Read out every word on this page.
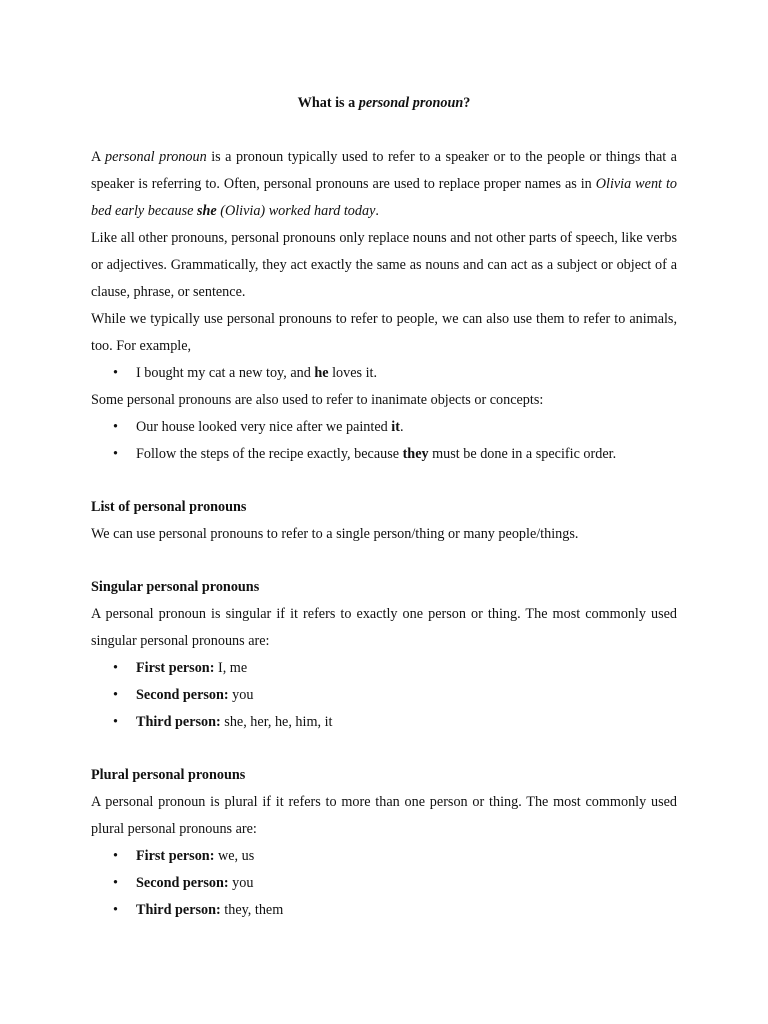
What is a personal pronoun?

A personal pronoun is a pronoun typically used to refer to a speaker or to the people or things that a speaker is referring to. Often, personal pronouns are used to replace proper names as in Olivia went to bed early because she (Olivia) worked hard today.

Like all other pronouns, personal pronouns only replace nouns and not other parts of speech, like verbs or adjectives. Grammatically, they act exactly the same as nouns and can act as a subject or object of a clause, phrase, or sentence.

While we typically use personal pronouns to refer to people, we can also use them to refer to animals, too. For example,

• I bought my cat a new toy, and he loves it.

Some personal pronouns are also used to refer to inanimate objects or concepts:

• Our house looked very nice after we painted it.
• Follow the steps of the recipe exactly, because they must be done in a specific order.
List of personal pronouns

We can use personal pronouns to refer to a single person/thing or many people/things.

Singular personal pronouns

A personal pronoun is singular if it refers to exactly one person or thing. The most commonly used singular personal pronouns are:

• First person: I, me
• Second person: you
• Third person: she, her, he, him, it
Plural personal pronouns

A personal pronoun is plural if it refers to more than one person or thing. The most commonly used plural personal pronouns are:

• First person: we, us
• Second person: you
• Third person: they, them
